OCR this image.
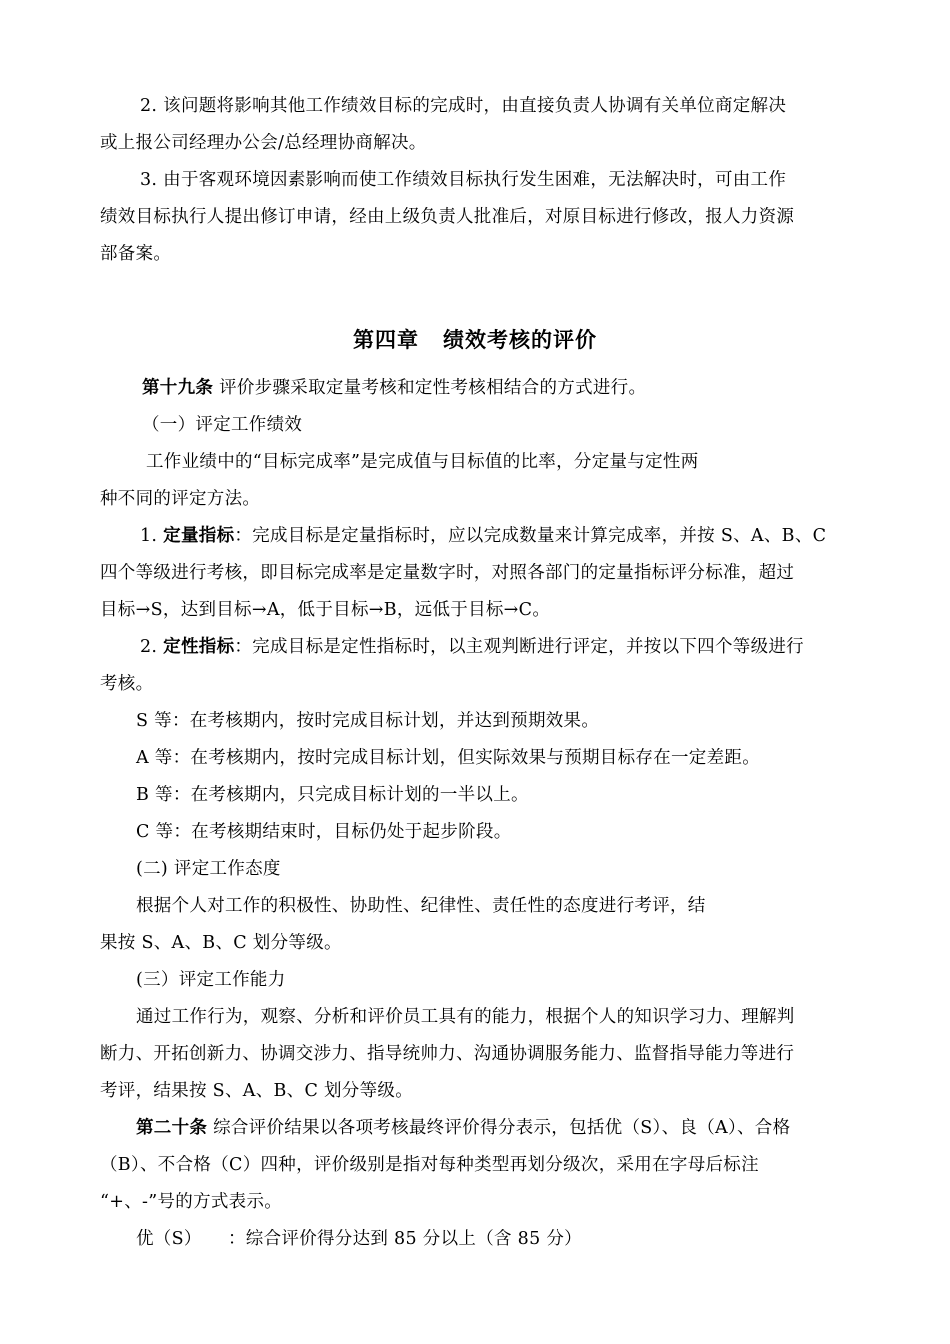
2. 该问题将影响其他工作绩效目标的完成时，由直接负责人协调有关单位商定解决
或上报公司经理办公会/总经理协商解决。
3. 由于客观环境因素影响而使工作绩效目标执行发生困难，无法解决时，可由工作
绩效目标执行人提出修订申请，经由上级负责人批准后，对原目标进行修改，报人力资源
部备案。
第四章 绩效考核的评价
第十九条 评价步骤采取定量考核和定性考核相结合的方式进行。
（一）评定工作绩效
工作业绩中的“目标完成率”是完成值与目标值的比率，分定量与定性两
种不同的评定方法。
1. 定量指标：完成目标是定量指标时，应以完成数量来计算完成率，并按 S、A、B、C
四个等级进行考核，即目标完成率是定量数字时，对照各部门的定量指标评分标准，超过
目标→S，达到目标→A，低于目标→B，远低于目标→C。
2. 定性指标：完成目标是定性指标时，以主观判断进行评定，并按以下四个等级进行
考核。
S 等：在考核期内，按时完成目标计划，并达到预期效果。
A 等：在考核期内，按时完成目标计划，但实际效果与预期目标存在一定差距。
B 等：在考核期内，只完成目标计划的一半以上。
C 等：在考核期结束时，目标仍处于起步阶段。
(二) 评定工作态度
根据个人对工作的积极性、协助性、纪律性、责任性的态度进行考评，结
果按 S、A、B、C 划分等级。
(三）评定工作能力
通过工作行为，观察、分析和评价员工具有的能力，根据个人的知识学习力、理解判
断力、开拓创新力、协调交涉力、指导统帅力、沟通协调服务能力、监督指导能力等进行
考评，结果按 S、A、B、C 划分等级。
第二十条 综合评价结果以各项考核最终评价得分表示，包括优（S）、良（A）、合格
（B）、不合格（C）四种，评价级别是指对每种类型再划分级次，采用在字母后标注
“+、-”号的方式表示。
优（S） ：综合评价得分达到 85 分以上（含 85 分）
